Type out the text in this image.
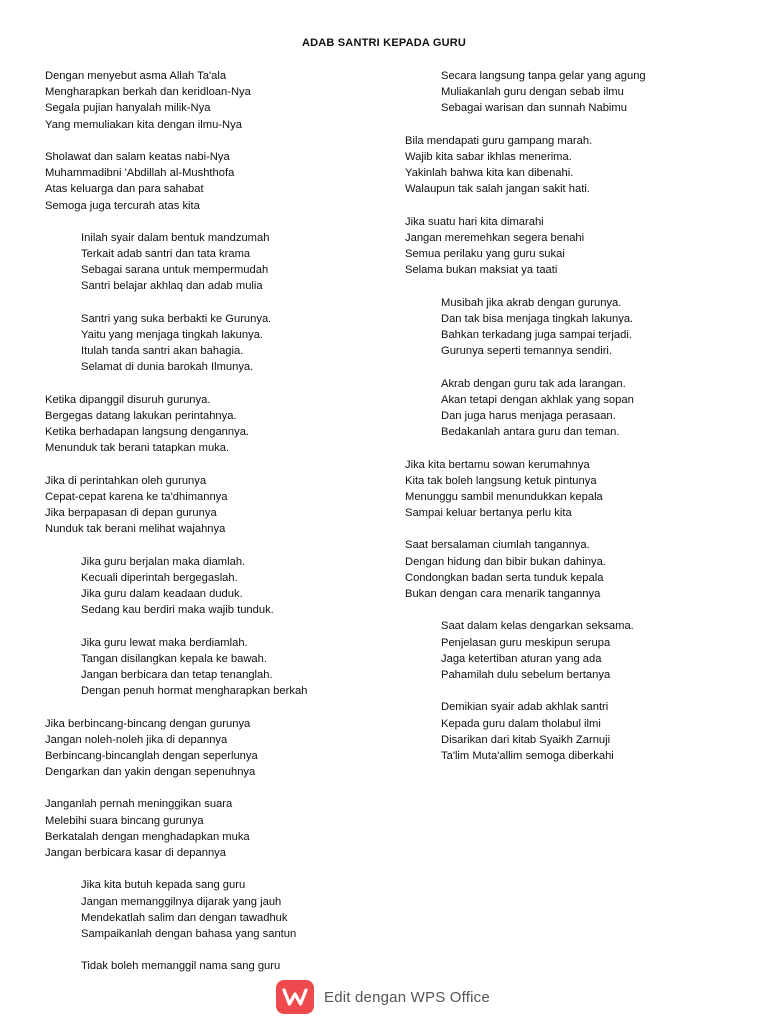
ADAB SANTRI KEPADA GURU
Dengan menyebut asma Allah Ta'ala
Mengharapkan berkah dan keridloan-Nya
Segala pujian hanyalah milik-Nya
Yang memuliakan kita dengan ilmu-Nya
Sholawat dan salam keatas nabi-Nya
Muhammadibni 'Abdillah al-Mushthofa
Atas keluarga dan para sahabat
Semoga juga tercurah atas kita
Inilah syair dalam bentuk mandzumah
Terkait adab santri dan tata krama
Sebagai sarana untuk mempermudah
Santri belajar akhlaq dan adab mulia
Santri yang suka berbakti ke Gurunya.
Yaitu yang menjaga tingkah lakunya.
Itulah tanda santri akan bahagia.
Selamat di dunia barokah Ilmunya.
Ketika dipanggil disuruh gurunya.
Bergegas datang lakukan perintahnya.
Ketika berhadapan langsung dengannya.
Menunduk tak berani tatapkan muka.
Jika di perintahkan oleh gurunya
Cepat-cepat karena ke ta'dhimannya
Jika berpapasan di depan gurunya
Nunduk tak berani melihat wajahnya
Jika guru berjalan maka diamlah.
Kecuali diperintah bergegaslah.
Jika guru dalam keadaan duduk.
Sedang kau berdiri maka wajib tunduk.
Jika guru lewat maka berdiamlah.
Tangan disilangkan kepala ke bawah.
Jangan berbicara dan tetap tenanglah.
Dengan penuh hormat mengharapkan berkah
Jika berbincang-bincang dengan gurunya
Jangan noleh-noleh jika di depannya
Berbincang-bincanglah dengan seperlunya
Dengarkan dan yakin dengan sepenuhnya
Janganlah pernah meninggikan suara
Melebihi suara bincang gurunya
Berkatalah dengan menghadapkan muka
Jangan berbicara kasar di depannya
Jika kita butuh kepada sang guru
Jangan memanggilnya dijarak yang jauh
Mendekatlah salim dan dengan tawadhuk
Sampaikanlah dengan bahasa yang santun
Tidak boleh memanggil nama sang guru
Secara langsung tanpa gelar yang agung
Muliakanlah guru dengan sebab ilmu
Sebagai warisan dan sunnah Nabimu
Bila mendapati guru gampang marah.
Wajib kita sabar ikhlas menerima.
Yakinlah bahwa kita kan dibenahi.
Walaupun tak salah jangan sakit hati.
Jika suatu hari kita dimarahi
Jangan meremehkan segera benahi
Semua perilaku yang guru sukai
Selama bukan maksiat ya taati
Musibah jika akrab dengan gurunya.
Dan tak bisa menjaga tingkah lakunya.
Bahkan terkadang juga sampai terjadi.
Gurunya seperti temannya sendiri.
Akrab dengan guru tak ada larangan.
Akan tetapi dengan akhlak yang sopan
Dan juga harus menjaga perasaan.
Bedakanlah antara guru dan teman.
Jika kita bertamu sowan kerumahnya
Kita tak boleh langsung ketuk pintunya
Menunggu sambil menundukkan kepala
Sampai keluar bertanya perlu kita
Saat bersalaman ciumlah tangannya.
Dengan hidung dan bibir bukan dahinya.
Condongkan badan serta tunduk kepala
Bukan dengan cara menarik tangannya
Saat dalam kelas dengarkan seksama.
Penjelasan guru meskipun serupa
Jaga ketertiban aturan yang ada
Pahamilah dulu sebelum bertanya
Demikian syair adab akhlak santri
Kepada guru dalam tholabul ilmi
Disarikan dari kitab Syaikh Zarnuji
Ta'lim Muta'allim semoga diberkahi
Edit dengan WPS Office
